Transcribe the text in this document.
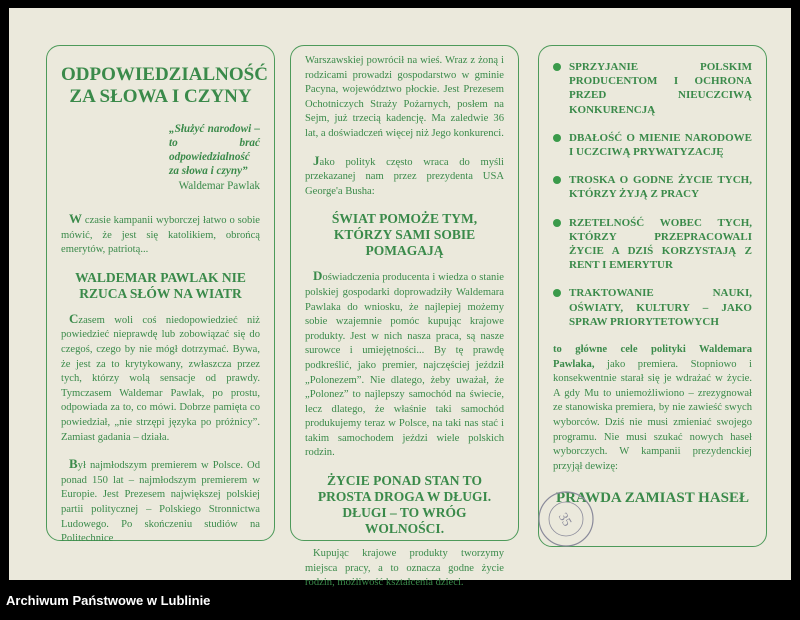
ODPOWIEDZIALNOŚĆ ZA SŁOWA I CZYNY
„Służyć narodowi – to brać odpowiedzialność za słowa i czyny”
Waldemar Pawlak

W czasie kampanii wyborczej łatwo o sobie mówić, że jest się katolikiem, obrońcą emerytów, patriotą...

WALDEMAR PAWLAK NIE RZUCA SŁÓW NA WIATR

Czasem woli coś niedopowiedzieć niż powiedzieć nieprawdę lub zobowiązać się do czegoś, czego by nie mógł dotrzymać. Bywa, że jest za to krytykowany, zwłaszcza przez tych, którzy wolą sensacje od prawdy. Tymczasem Waldemar Pawlak, po prostu, odpowiada za to, co mówi. Dobrze pamięta co powiedział, „nie strzępi języka po próżnicy”. Zamiast gadania – działa.

Był najmłodszym premierem w Polsce. Od ponad 150 lat – najmłodszym premierem w Europie. Jest Prezesem największej polskiej partii politycznej – Polskiego Stronnictwa Ludowego. Po skończeniu studiów na Politechnice

Warszawskiej powrócił na wieś. Wraz z żoną i rodzicami prowadzi gospodarstwo w gminie Pacyna, województwo płockie. Jest Prezesem Ochotniczych Straży Pożarnych, posłem na Sejm, już trzecią kadencję. Ma zaledwie 36 lat, a doświadczeń więcej niż Jego konkurenci.

Jako polityk często wraca do myśli przekazanej nam przez prezydenta USA George'a Busha:

ŚWIAT POMOŻE TYM, KTÓRZY SAMI SOBIE POMAGAJĄ

Doświadczenia producenta i wiedza o stanie polskiej gospodarki doprowadziły Waldemara Pawlaka do wniosku, że najlepiej możemy sobie wzajemnie pomóc kupując krajowe produkty. Jest w nich nasza praca, są nasze surowce i umiejętności... By tę prawdę podkreślić, jako premier, najczęściej jeździł „Polonezem”. Nie dlatego, żeby uważał, że „Polonez” to najlepszy samochód na świecie, lecz dlatego, że właśnie taki samochód produkujemy teraz w Polsce, na taki nas stać i takim samochodem jeździ wiele polskich rodzin.

ŻYCIE PONAD STAN TO PROSTA DROGA W DŁUGI. DŁUGI – TO WRÓG WOLNOŚCI.

Kupując krajowe produkty tworzymy miejsca pracy, a to oznacza godne życie rodzin, możliwość kształcenia dzieci.

SPRZYJANIE POLSKIM PRODUCENTOM I OCHRONA PRZED NIEUCZCIWĄ KONKURENCJĄ
DBAŁOŚĆ O MIENIE NARODOWE I UCZCIWĄ PRYWATYZACJĘ
TROSKA O GODNE ŻYCIE TYCH, KTÓRZY ŻYJĄ Z PRACY
RZETELNOŚĆ WOBEC TYCH, KTÓRZY PRZEPRACOWALI ŻYCIE A DZIŚ KORZYSTAJĄ Z RENT I EMERYTUR
TRAKTOWANIE NAUKI, OŚWIATY, KULTURY – JAKO SPRAW PRIORYTETOWYCH

to główne cele polityki Waldemara Pawlaka, jako premiera. Stopniowo i konsekwentnie starał się je wdrażać w życie. A gdy Mu to uniemożliwiono – zrezygnował ze stanowiska premiera, by nie zawieść swych wyborców. Dziś nie musi zmieniać swojego programu. Nie musi szukać nowych haseł wyborczych. W kampanii prezydenckiej przyjął dewizę:

PRAWDA ZAMIAST HASEŁ
35
Archiwum Państwowe w Lublinie
